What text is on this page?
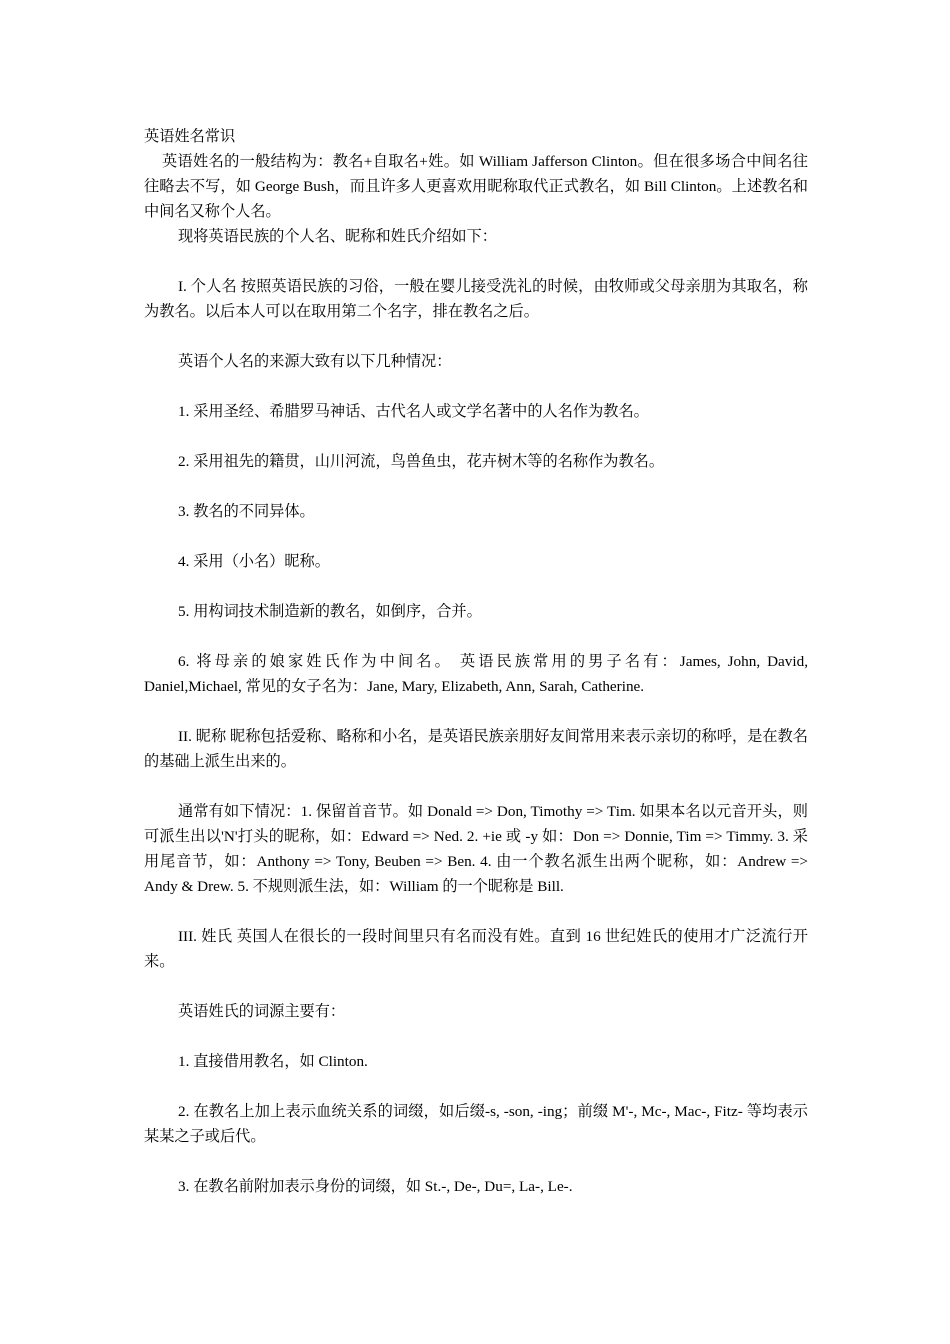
英语姓名常识

英语姓名的一般结构为：教名+自取名+姓。如 William Jafferson Clinton。但在很多场合中间名往往略去不写，如 George Bush，而且许多人更喜欢用昵称取代正式教名，如 Bill Clinton。上述教名和中间名又称个人名。

现将英语民族的个人名、昵称和姓氏介绍如下：

I. 个人名 按照英语民族的习俗，一般在婴儿接受洗礼的时候，由牧师或父母亲朋为其取名，称为教名。以后本人可以在取用第二个名字，排在教名之后。

英语个人名的来源大致有以下几种情况：

1. 采用圣经、希腊罗马神话、古代名人或文学名著中的人名作为教名。

2. 采用祖先的籍贯，山川河流，鸟兽鱼虫，花卉树木等的名称作为教名。

3. 教名的不同异体。

4. 采用（小名）昵称。

5. 用构词技术制造新的教名，如倒序，合并。

6. 将母亲的娘家姓氏作为中间名。 英语民族常用的男子名有：James, John, David, Daniel,Michael, 常见的女子名为：Jane, Mary, Elizabeth, Ann, Sarah, Catherine.

II. 昵称 昵称包括爱称、略称和小名，是英语民族亲朋好友间常用来表示亲切的称呼，是在教名的基础上派生出来的。

通常有如下情况：1. 保留首音节。如 Donald => Don, Timothy => Tim. 如果本名以元音开头，则可派生出以'N'打头的昵称，如：Edward => Ned. 2. +ie 或 -y 如：Don => Donnie, Tim => Timmy. 3. 采用尾音节，如：Anthony => Tony, Beuben => Ben. 4. 由一个教名派生出两个昵称，如：Andrew => Andy & Drew. 5. 不规则派生法，如：William 的一个昵称是 Bill.

III. 姓氏 英国人在很长的一段时间里只有名而没有姓。直到 16 世纪姓氏的使用才广泛流行开来。

英语姓氏的词源主要有：

1. 直接借用教名，如 Clinton.

2. 在教名上加上表示血统关系的词缀，如后缀-s, -son, -ing；前缀 M'-, Mc-, Mac-, Fitz- 等均表示某某之子或后代。

3. 在教名前附加表示身份的词缀，如 St.-, De-, Du=, La-, Le-.
